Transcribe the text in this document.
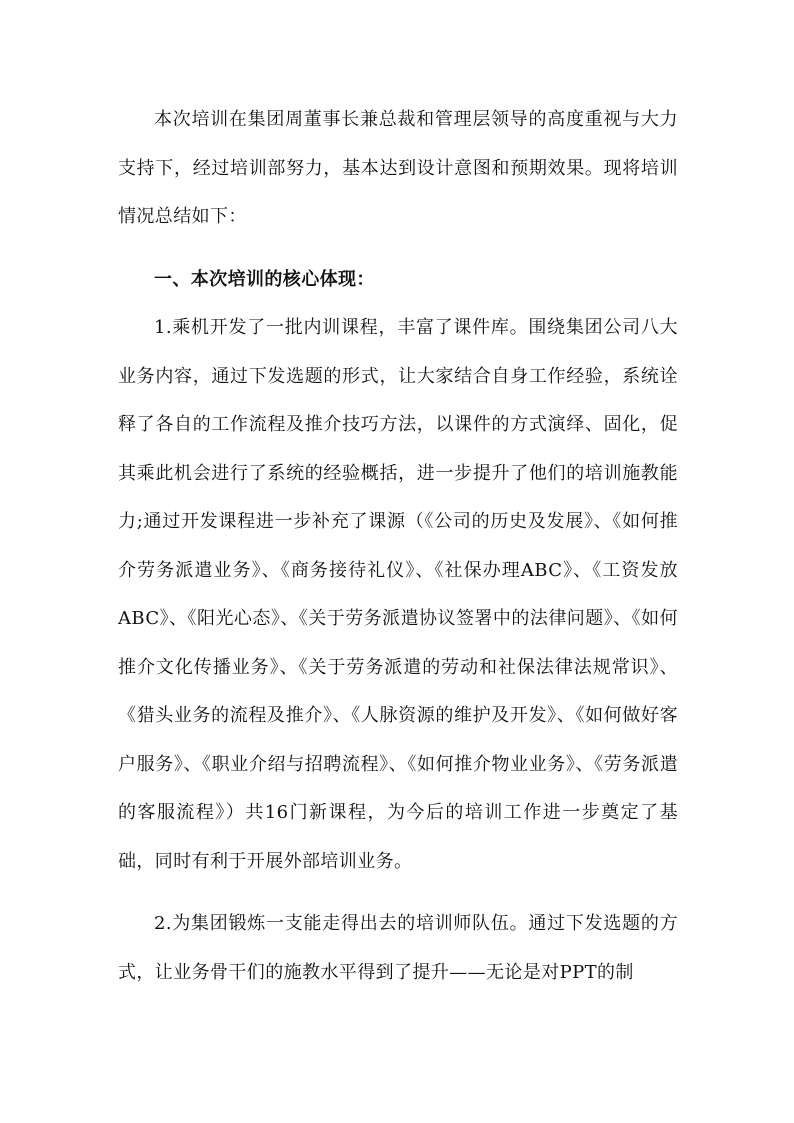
本次培训在集团周董事长兼总裁和管理层领导的高度重视与大力支持下，经过培训部努力，基本达到设计意图和预期效果。现将培训情况总结如下：

一、本次培训的核心体现：

1.乘机开发了一批内训课程，丰富了课件库。围绕集团公司八大业务内容，通过下发选题的形式，让大家结合自身工作经验，系统诠释了各自的工作流程及推介技巧方法，以课件的方式演绎、固化，促其乘此机会进行了系统的经验概括，进一步提升了他们的培训施教能力;通过开发课程进一步补充了课源（《公司的历史及发展》、《如何推介劳务派遣业务》、《商务接待礼仪》、《社保办理ABC》、《工资发放ABC》、《阳光心态》、《关于劳务派遣协议签署中的法律问题》、《如何推介文化传播业务》、《关于劳务派遣的劳动和社保法律法规常识》、《猎头业务的流程及推介》、《人脉资源的维护及开发》、《如何做好客户服务》、《职业介绍与招聘流程》、《如何推介物业业务》、《劳务派遣的客服流程》）共16门新课程，为今后的培训工作进一步奠定了基础，同时有利于开展外部培训业务。

2.为集团锻炼一支能走得出去的培训师队伍。通过下发选题的方式，让业务骨干们的施教水平得到了提升——无论是对PPT的制
